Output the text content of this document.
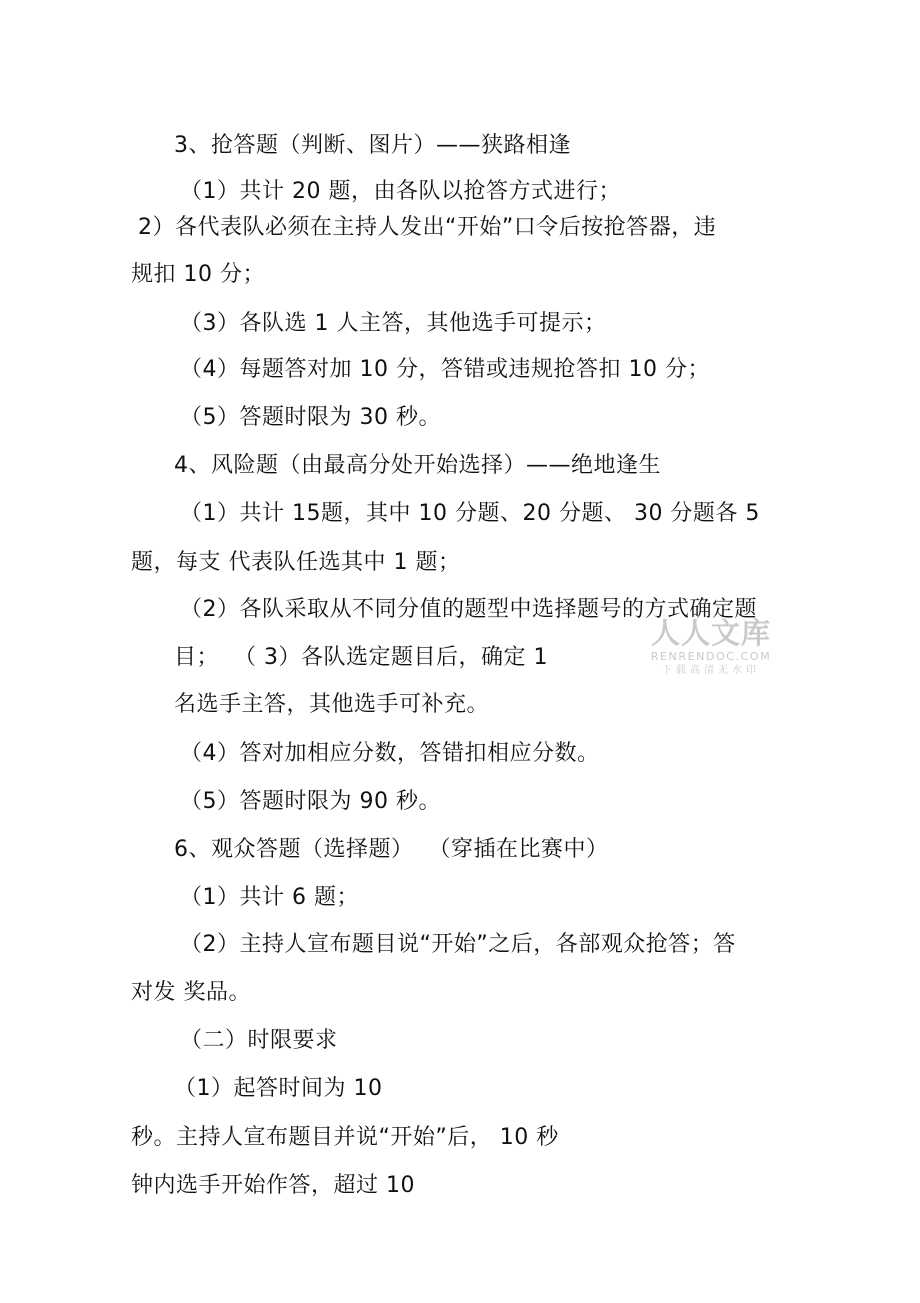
3、抢答题（判断、图片）——狭路相逢
（1）共计 20 题，由各队以抢答方式进行；
2）各代表队必须在主持人发出“开始”口令后按抢答器，违
规扣 10 分；
（3）各队选 1 人主答，其他选手可提示；
（4）每题答对加 10 分，答错或违规抢答扣 10 分；
（5）答题时限为 30 秒。
4、风险题（由最高分处开始选择）——绝地逢生
（1）共计 15题，其中 10 分题、20 分题、 30 分题各 5
题，每支 代表队任选其中 1 题；
（2）各队采取从不同分值的题型中选择题号的方式确定题
目；  （ 3）各队选定题目后，确定 1
名选手主答，其他选手可补充。
（4）答对加相应分数，答错扣相应分数。
（5）答题时限为 90 秒。
6、观众答题（选择题）  （穿插在比赛中）
（1）共计 6 题；
（2）主持人宣布题目说“开始”之后，各部观众抢答；答
对发 奖品。
（二）时限要求
（1）起答时间为 10
秒。主持人宣布题目并说“开始”后， 10 秒
钟内选手开始作答，超过 10
人人文库
RENRENDOC.COM
下载高清无水印
